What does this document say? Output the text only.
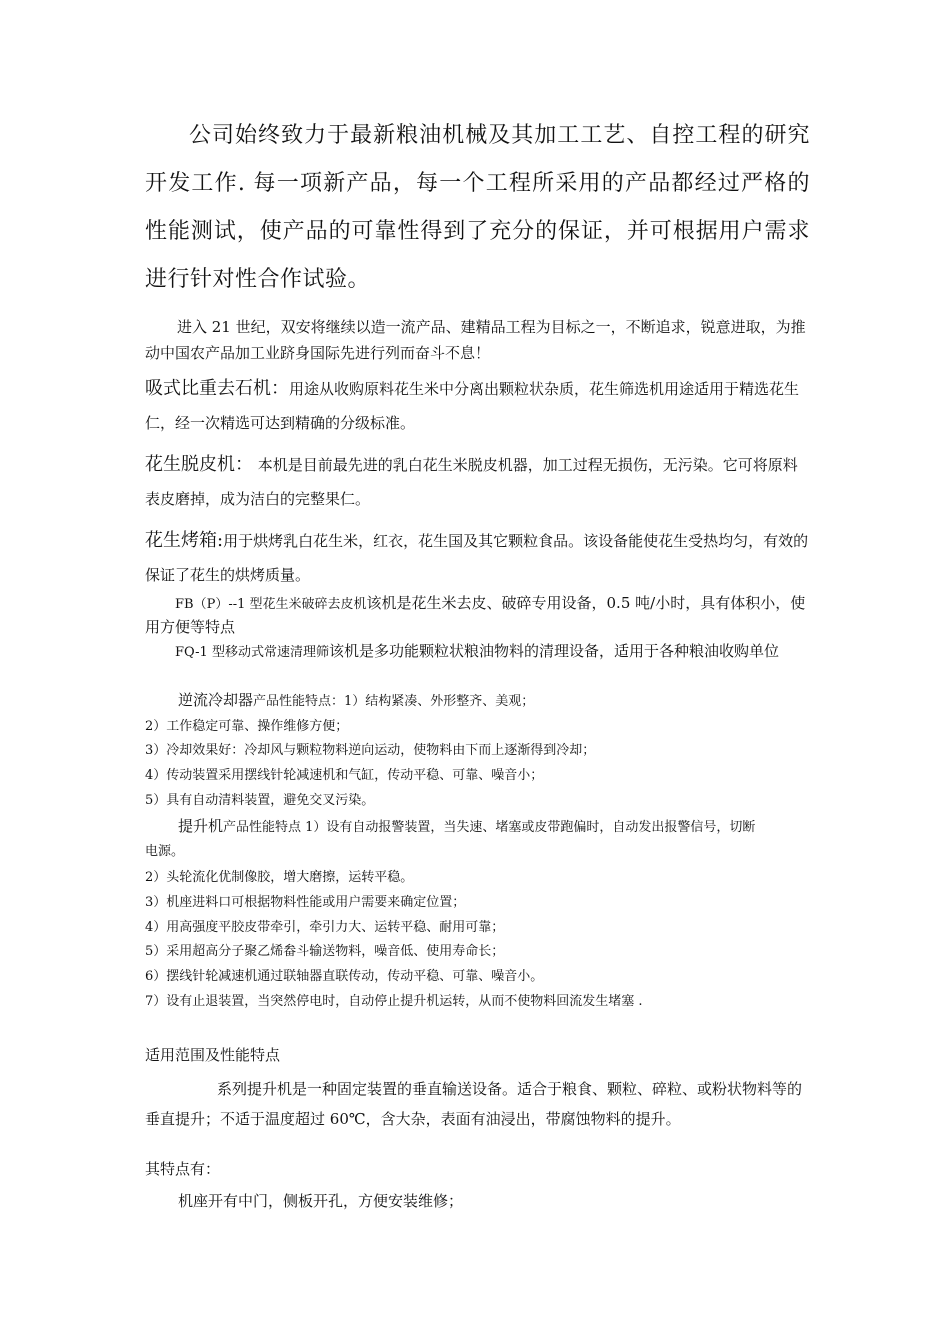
公司始终致力于最新粮油机械及其加工工艺、自控工程的研究开发工作. 每一项新产品，每一个工程所采用的产品都经过严格的性能测试，使产品的可靠性得到了充分的保证，并可根据用户需求进行针对性合作试验。

进入 21 世纪，双安将继续以造一流产品、建精品工程为目标之一，不断追求，锐意进取，为推动中国农产品加工业跻身国际先进行列而奋斗不息！

吸式比重去石机：用途从收购原料花生米中分离出颗粒状杂质，花生筛选机用途适用于精选花生仁，经一次精选可达到精确的分级标准。

花生脱皮机： 本机是目前最先进的乳白花生米脱皮机器，加工过程无损伤，无污染。它可将原料表皮磨掉，成为洁白的完整果仁。

花生烤箱:用于烘烤乳白花生米，红衣，花生国及其它颗粒食品。该设备能使花生受热均匀，有效的保证了花生的烘烤质量。

FB（P）--1 型花生米破碎去皮机该机是花生米去皮、破碎专用设备，0.5 吨/小时，具有体积小，使用方便等特点

FQ-1 型移动式常速清理筛该机是多功能颗粒状粮油物料的清理设备，适用于各种粮油收购单位

逆流冷却器产品性能特点：1）结构紧凑、外形整齐、美观；

2）工作稳定可靠、操作维修方便；

3）冷却效果好：冷却风与颗粒物料逆向运动，使物料由下而上逐渐得到冷却；

4）传动装置采用摆线针轮减速机和气缸，传动平稳、可靠、噪音小；

5）具有自动清料装置，避免交叉污染。

提升机产品性能特点 1）设有自动报警装置，当失速、堵塞或皮带跑偏时，自动发出报警信号，切断

电源。

2）头轮流化优制像胶，增大磨擦，运转平稳。

3）机座进料口可根据物料性能或用户需要来确定位置；

4）用高强度平胶皮带牵引，牵引力大、运转平稳、耐用可靠；

5）采用超高分子聚乙烯畚斗输送物料，噪音低、使用寿命长；

6）摆线针轮减速机通过联轴器直联传动，传动平稳、可靠、噪音小。

7）设有止退装置，当突然停电时，自动停止提升机运转，从而不使物料回流发生堵塞 .

适用范围及性能特点

系列提升机是一种固定装置的垂直输送设备。适合于粮食、颗粒、碎粒、或粉状物料等的垂直提升；不适于温度超过 60℃，含大杂，表面有油浸出，带腐蚀物料的提升。

其特点有：

机座开有中门，侧板开孔，方便安装维修；
